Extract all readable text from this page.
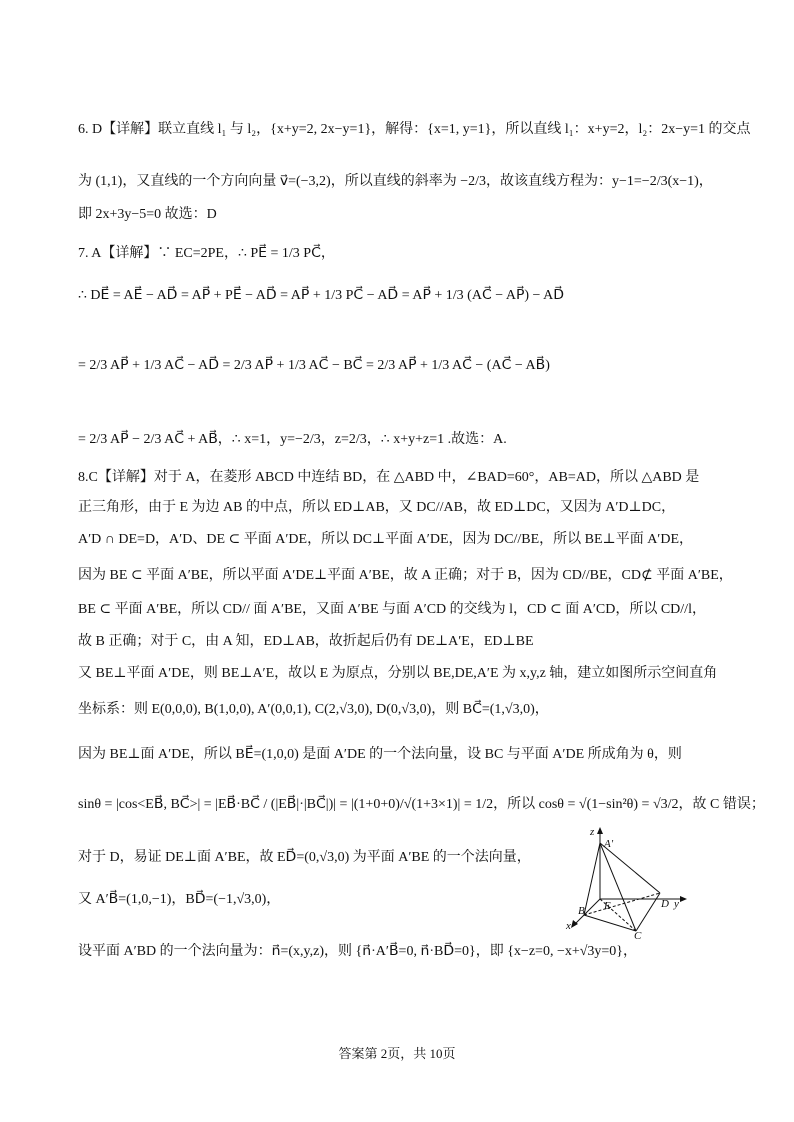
6. D【详解】联立直线 l₁ 与 l₂，{x+y=2, 2x−y=1}，解得：{x=1, y=1}，所以直线 l₁：x+y=2，l₂：2x−y=1 的交点
为 (1,1)，又直线的一个方向向量 v⃗=(−3,2)，所以直线的斜率为 −2/3，故该直线方程为：y−1=−2/3(x−1)，
即 2x+3y−5=0 故选：D
7. A【详解】∵ EC=2PE，∴ PE⃗ = 1/3 PC⃗，
∴ DE⃗ = AE⃗ − AD⃗ = AP⃗ + PE⃗ − AD⃗ = AP⃗ + 1/3 PC⃗ − AD⃗ = AP⃗ + 1/3 (AC⃗ − AP⃗) − AD⃗
= 2/3 AP⃗ + 1/3 AC⃗ − AD⃗ = 2/3 AP⃗ + 1/3 AC⃗ − BC⃗ = 2/3 AP⃗ + 1/3 AC⃗ − (AC⃗ − AB⃗)
= 2/3 AP⃗ − 2/3 AC⃗ + AB⃗，∴ x=1，y=−2/3，z=2/3，∴ x+y+z=1 .故选：A.
8.C【详解】对于 A，在菱形 ABCD 中连结 BD，在 △ABD 中，∠BAD=60°，AB=AD，所以 △ABD 是
正三角形，由于 E 为边 AB 的中点，所以 ED⊥AB，又 DC//AB，故 ED⊥DC，又因为 A′D⊥DC，
A′D ∩ DE=D，A′D、DE ⊂ 平面 A′DE，所以 DC⊥平面 A′DE，因为 DC//BE，所以 BE⊥平面 A′DE，
因为 BE ⊂ 平面 A′BE，所以平面 A′DE⊥平面 A′BE，故 A 正确；对于 B，因为 CD//BE，CD⊄ 平面 A′BE，
BE ⊂ 平面 A′BE，所以 CD// 面 A′BE，又面 A′BE 与面 A′CD 的交线为 l，CD ⊂ 面 A′CD，所以 CD//l，
故 B 正确；对于 C，由 A 知，ED⊥AB，故折起后仍有 DE⊥A′E，ED⊥BE
又 BE⊥平面 A′DE，则 BE⊥A′E，故以 E 为原点，分别以 BE,DE,A′E 为 x,y,z 轴，建立如图所示空间直角
坐标系：则 E(0,0,0), B(1,0,0), A′(0,0,1), C(2,√3,0), D(0,√3,0)，则 BC⃗=(1,√3,0)，
因为 BE⊥面 A′DE，所以 BE⃗=(1,0,0) 是面 A′DE 的一个法向量，设 BC 与平面 A′DE 所成角为 θ，则
sinθ = |cos<EB⃗, BC⃗>| = |EB⃗·BC⃗ / (|EB⃗|·|BC⃗|)| = |(1+0+0)/√(1+3×1)| = 1/2，所以 cosθ = √(1−sin²θ) = √3/2，故 C 错误；
对于 D，易证 DE⊥面 A′BE，故 ED⃗=(0,√3,0) 为平面 A′BE 的一个法向量，
又 A′B⃗=(1,0,−1)，BD⃗=(−1,√3,0)，
设平面 A′BD 的一个法向量为：n⃗=(x,y,z)，则 {n⃗·A′B⃗=0, n⃗·BD⃗=0}，即 {x−z=0, −x+√3y=0}，
z
A'
E	D y
B
x
C
答案第 2页，共 10页
